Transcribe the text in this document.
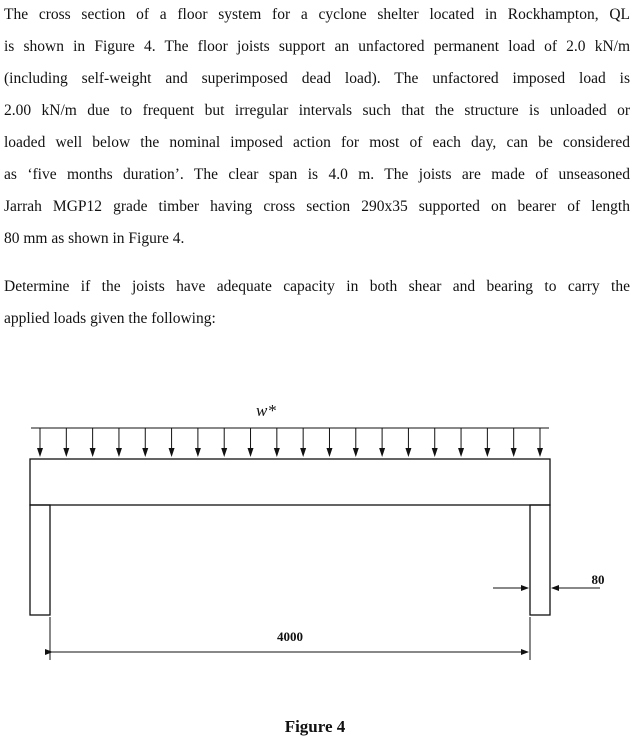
The cross section of a floor system for a cyclone shelter located in Rockhampton, QL
is shown in Figure 4. The floor joists support an unfactored permanent load of 2.0 kN/m
(including self-weight and superimposed dead load). The unfactored imposed load is
2.00 kN/m due to frequent but irregular intervals such that the structure is unloaded or
loaded well below the nominal imposed action for most of each day, can be considered
as ‘five months duration’. The clear span is 4.0 m. The joists are made of unseasoned
Jarrah MGP12 grade timber having cross section 290x35 supported on bearer of length
80 mm as shown in Figure 4.
Determine if the joists have adequate capacity in both shear and bearing to carry the
applied loads given the following:
w*
4000
80
Figure 4
